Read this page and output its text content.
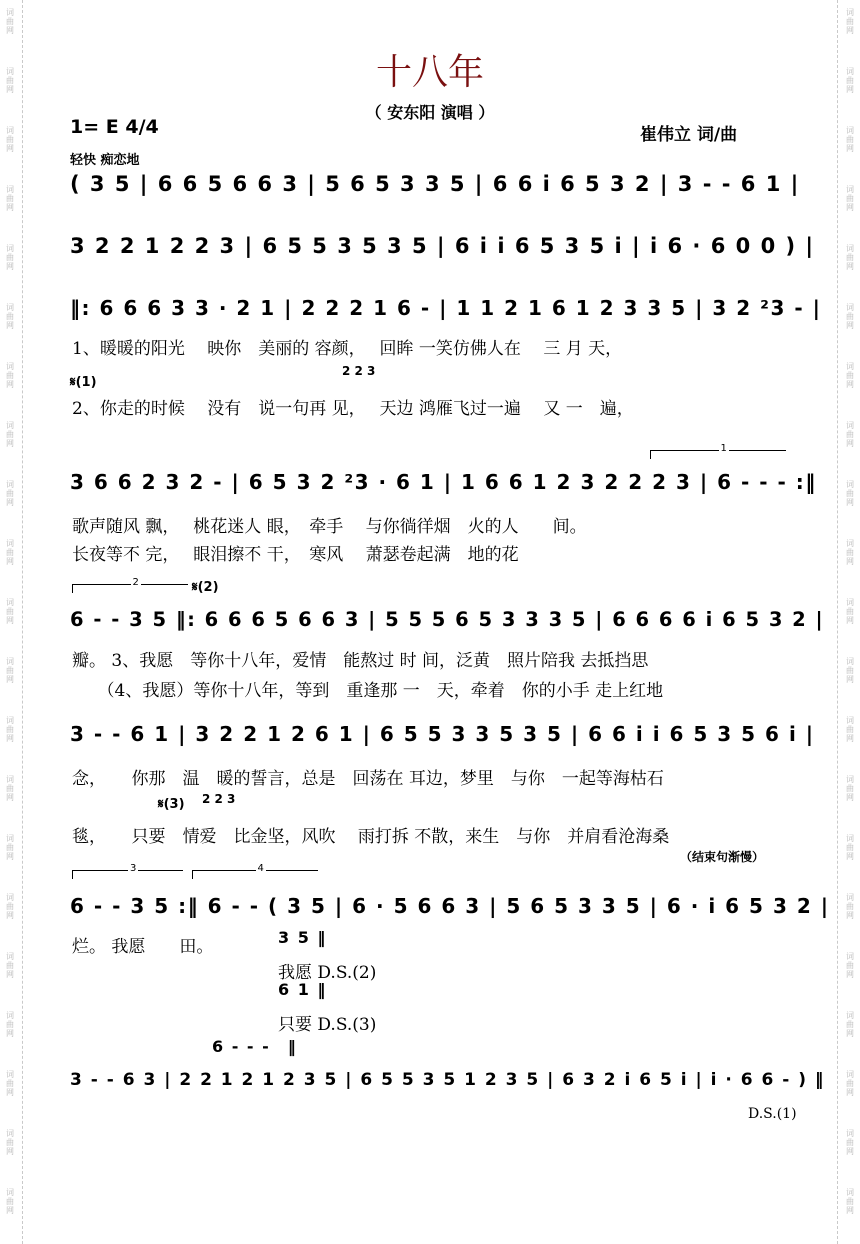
词
曲
网
词
曲
网
词
曲
网
词
曲
网
词
曲
网
词
曲
网
词
曲
网
词
曲
网
词
曲
网
词
曲
网
词
曲
网
词
曲
网
词
曲
网
词
曲
网
词
曲
网
词
曲
网
词
曲
网
词
曲
网
词
曲
网
词
曲
网
词
曲
网
词
曲
网
词
曲
网
词
曲
网
词
曲
网
词
曲
网
词
曲
网
词
曲
网
词
曲
网
词
曲
网
词
曲
网
词
曲
网
词
曲
网
词
曲
网
词
曲
网
词
曲
网
词
曲
网
词
曲
网
词
曲
网
词
曲
网
词
曲
网
词
曲
网
十八年
（ 安东阳 演唱 ）
1= E 4/4	崔伟立 词/曲
轻快 痴恋地
( 3 5 | 6 6 5 6 6 3 | 5 6 5 3 3 5 | 6 6 i 6 5 3 2 | 3 - - 6 1 |
3 2 2 1 2 2 3 | 6 5 5 3 5 3 5 | 6 i i 6 5 3 5 i | i 6 · 6 0 0 ) |
‖: 6 6 6 3 3 · 2 1 | 2 2 2 1 6 - | 1 1 2 1 6 1 2 3 3 5 | 3 2 ²3 - |
1、暖暖的阳光　 映你　美丽的 容颜，　 回眸 一笑仿佛人在　 三 月 天，
𝄋(1)
2 2 3
2、你走的时候　 没有　说一句再 见，　 天边 鸿雁飞过一遍　 又 一　遍，
1
3 6 6 2 3 2 - | 6 5 3 2 ²3 · 6 1 | 1 6 6 1 2 3 2 2 2 3 | 6 - - - :‖
歌声随风 飘，　 桃花迷人 眼，　牵手　 与你徜徉烟　火的人　　间。
长夜等不 完，　 眼泪擦不 干，　寒风　 萧瑟卷起满　地的花
2	𝄋(2)
6 - - 3 5 ‖: 6 6 6 5 6 6 3 | 5 5 5 6 5 3 3 3 5 | 6 6 6 6 i 6 5 3 2 |
瓣。 3、我愿　等你十八年，爱情　能熬过 时 间，泛黄　照片陪我 去抵挡思
　　（4、我愿）等你十八年，等到　重逢那 一　天，牵着　你的小手 走上红地
3 - - 6 1 | 3 2 2 1 2 6 1 | 6 5 5 3 3 5 3 5 | 6 6 i i 6 5 3 5 6 i |
念，　　你那　温　暖的誓言，总是　回荡在 耳边，梦里　与你　一起等海枯石
𝄋(3) 2 2 3
毯，　　只要　情爱　比金坚，风吹　 雨打拆 不散，来生　与你　并肩看沧海桑
（结束句渐慢）
3	4
6 - - 3 5 :‖ 6 - - ( 3 5 | 6 · 5 6 6 3 | 5 6 5 3 3 5 | 6 · i 6 5 3 2 |
烂。 我愿　　田。	3 5 ‖
我愿 D.S.(2)
6 1 ‖
只要 D.S.(3)
6 - - -　‖
3 - - 6 3 | 2 2 1 2 1 2 3 5 | 6 5 5 3 5 1 2 3 5 | 6 3 2 i 6 5 i | i · 6 6 - ) ‖
D.S.(1)
